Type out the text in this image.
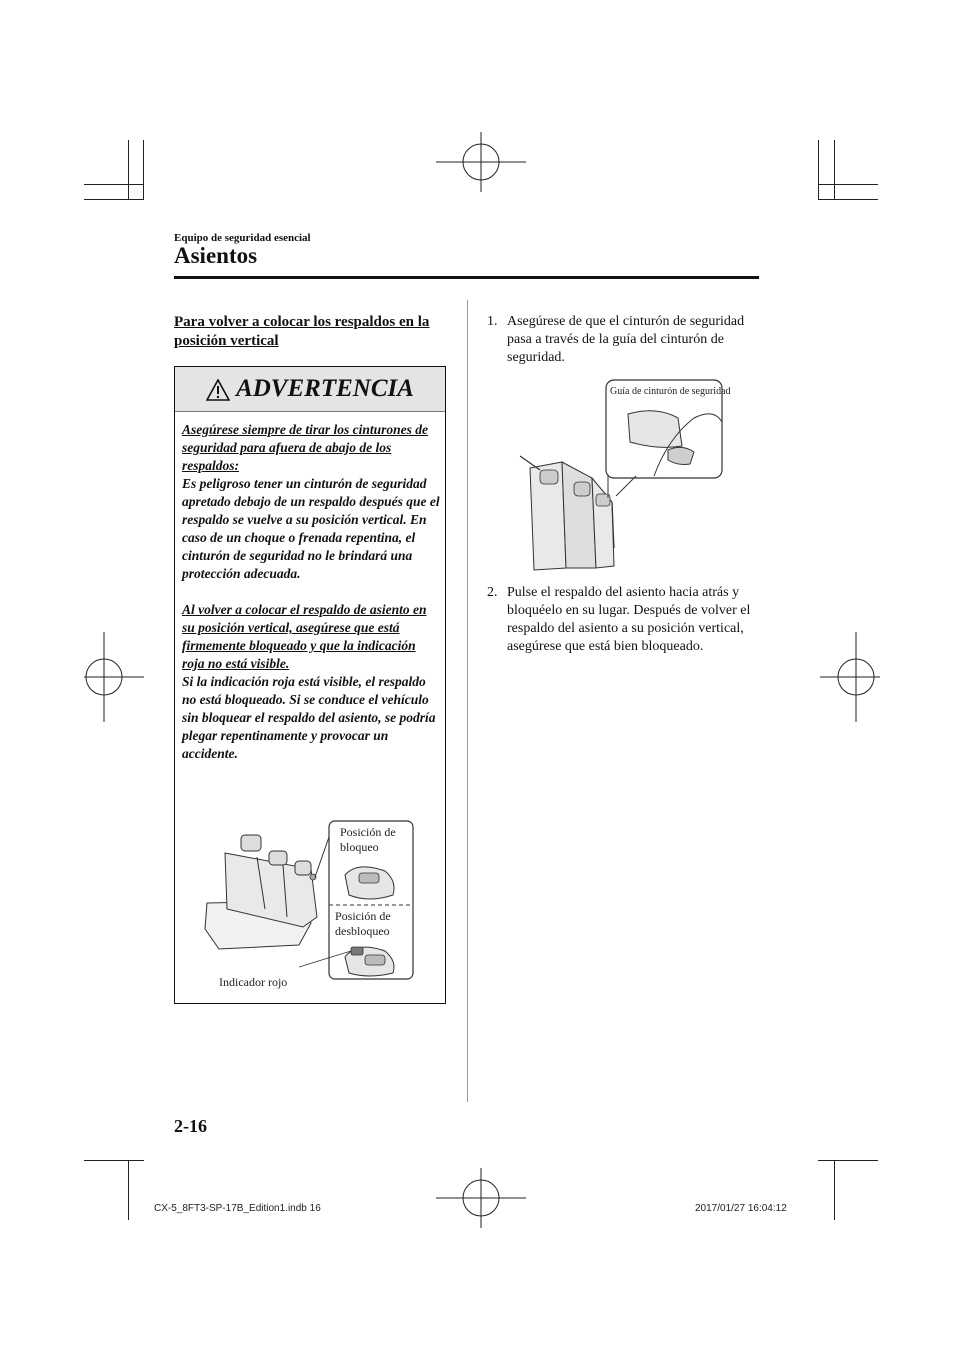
Equipo de seguridad esencial
Asientos
Para volver a colocar los respaldos en la posición vertical
ADVERTENCIA
Asegúrese siempre de tirar los cinturones de seguridad para afuera de abajo de los respaldos:
Es peligroso tener un cinturón de seguridad apretado debajo de un respaldo después que el respaldo se vuelve a su posición vertical. En caso de un choque o frenada repentina, el cinturón de seguridad no le brindará una protección adecuada.
Al volver a colocar el respaldo de asiento en su posición vertical, asegúrese que está firmemente bloqueado y que la indicación roja no está visible.
Si la indicación roja está visible, el respaldo no está bloqueado. Si se conduce el vehículo sin bloquear el respaldo del asiento, se podría plegar repentinamente y provocar un accidente.
Posición de
bloqueo
Posición de
desbloqueo
Indicador rojo
1. Asegúrese de que el cinturón de seguridad pasa a través de la guía del cinturón de seguridad.
Guía de cinturón de seguridad
2. Pulse el respaldo del asiento hacia atrás y bloquéelo en su lugar. Después de volver el respaldo del asiento a su posición vertical, asegúrese que está bien bloqueado.
2-16
CX-5_8FT3-SP-17B_Edition1.indb 16	2017/01/27 16:04:12
